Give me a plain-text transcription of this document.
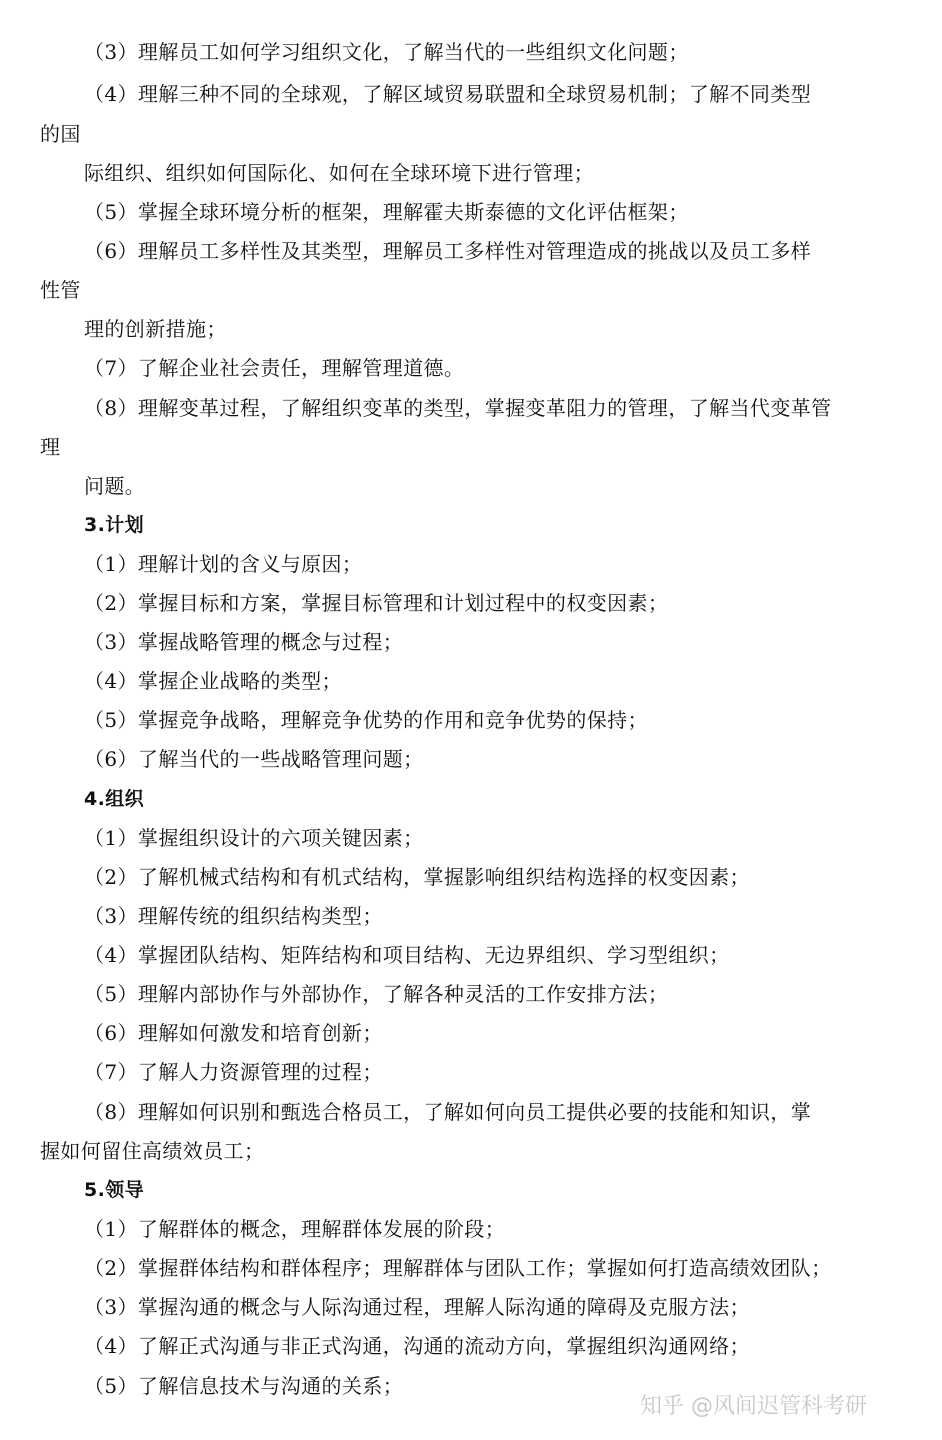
（3）理解员工如何学习组织文化，了解当代的一些组织文化问题；
（4）理解三种不同的全球观，了解区域贸易联盟和全球贸易机制；了解不同类型
的国
际组织、组织如何国际化、如何在全球环境下进行管理；
（5）掌握全球环境分析的框架，理解霍夫斯泰德的文化评估框架；
（6）理解员工多样性及其类型，理解员工多样性对管理造成的挑战以及员工多样
性管
理的创新措施；
（7）了解企业社会责任，理解管理道德。
（8）理解变革过程，了解组织变革的类型，掌握变革阻力的管理，了解当代变革管
理
问题。
3.计划
（1）理解计划的含义与原因；
（2）掌握目标和方案，掌握目标管理和计划过程中的权变因素；
（3）掌握战略管理的概念与过程；
（4）掌握企业战略的类型；
（5）掌握竞争战略，理解竞争优势的作用和竞争优势的保持；
（6）了解当代的一些战略管理问题；
4.组织
（1）掌握组织设计的六项关键因素；
（2）了解机械式结构和有机式结构，掌握影响组织结构选择的权变因素；
（3）理解传统的组织结构类型；
（4）掌握团队结构、矩阵结构和项目结构、无边界组织、学习型组织；
（5）理解内部协作与外部协作，了解各种灵活的工作安排方法；
（6）理解如何激发和培育创新；
（7）了解人力资源管理的过程；
（8）理解如何识别和甄选合格员工，了解如何向员工提供必要的技能和知识，掌
握如何留住高绩效员工；
5.领导
（1）了解群体的概念，理解群体发展的阶段；
（2）掌握群体结构和群体程序；理解群体与团队工作；掌握如何打造高绩效团队；
（3）掌握沟通的概念与人际沟通过程，理解人际沟通的障碍及克服方法；
（4）了解正式沟通与非正式沟通，沟通的流动方向，掌握组织沟通网络；
（5）了解信息技术与沟通的关系；
知乎 @风间迟管科考研
